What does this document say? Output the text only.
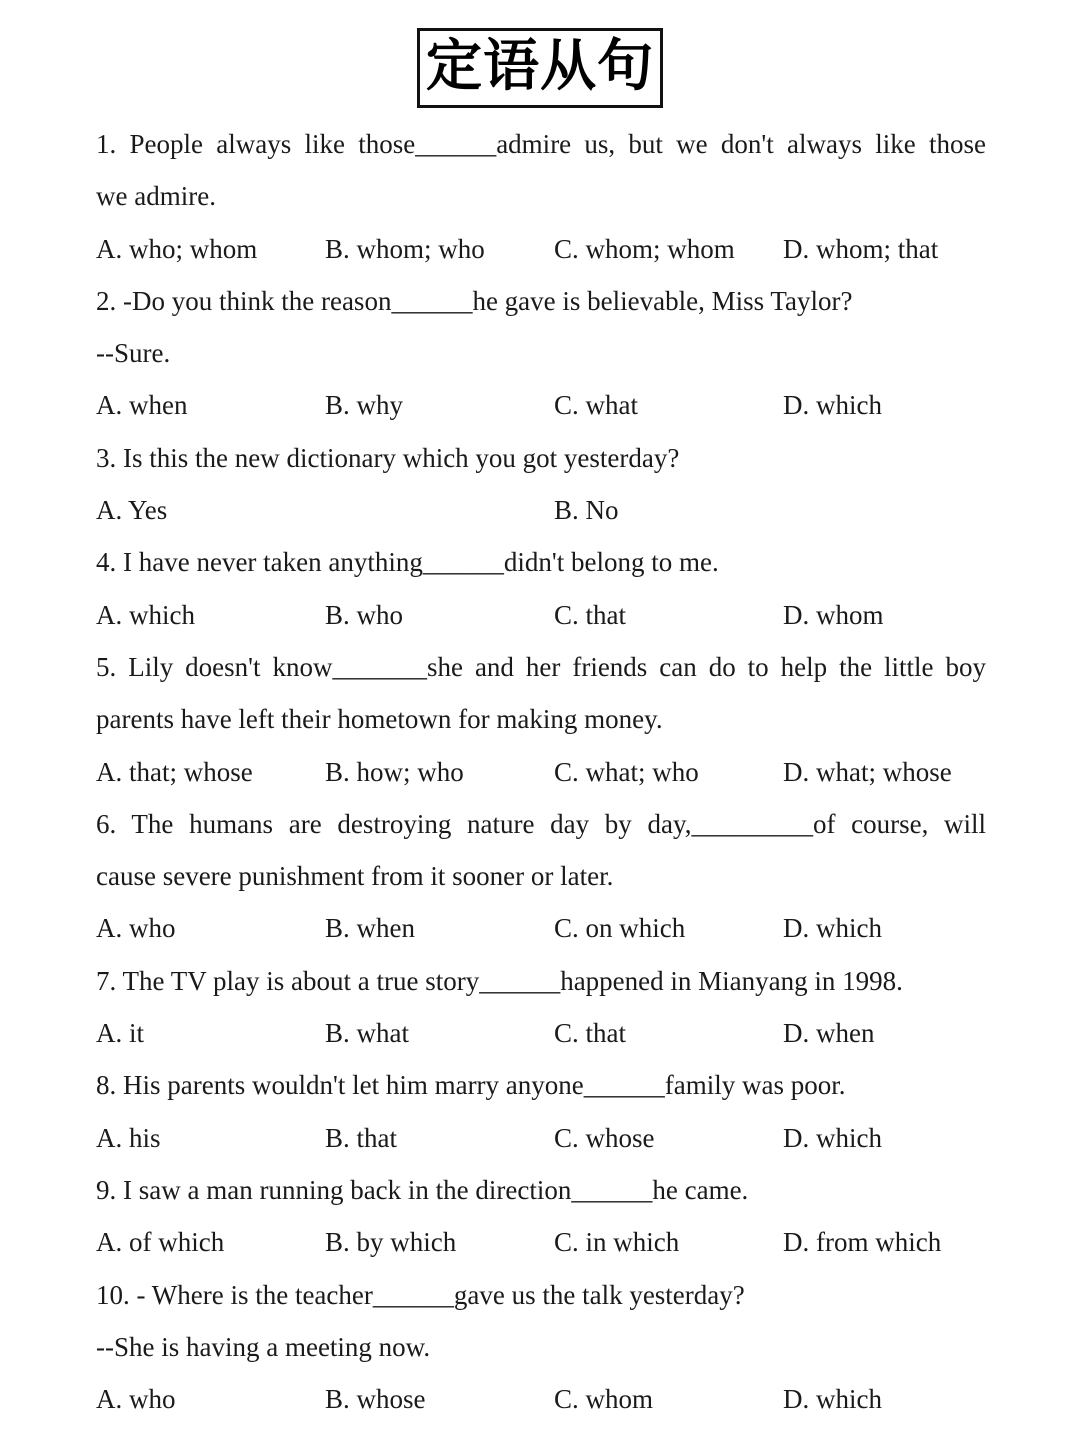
定语从句
1. People always like those______admire us, but we don't always like those
we admire.
A. who; whom	B. whom; who	C. whom; whom D. whom; that
2. -Do you think the reason______he gave is believable, Miss Taylor?
--Sure.
A. when	B. why	C. what	D. which
3. Is this the new dictionary which you got yesterday?
A. Yes	B. No
4. I have never taken anything______didn't belong to me.
A. which	B. who	C. that	D. whom
5. Lily doesn't know_______she and her friends can do to help the little boy
parents have left their hometown for making money.
A. that; whose	B. how; who	C. what; who	D. what; whose
6. The humans are destroying nature day by day,_________of course, will
cause severe punishment from it sooner or later.
A. who	B. when	C. on which	D. which
7. The TV play is about a true story______happened in Mianyang in 1998.
A. it	B. what	C. that	D. when
8. His parents wouldn't let him marry anyone______family was poor.
A. his	B. that	C. whose	D. which
9. I saw a man running back in the direction______he came.
A. of which	B. by which	C. in which	D. from which
10. - Where is the teacher______gave us the talk yesterday?
--She is having a meeting now.
A. who	B. whose	C. whom	D. which
